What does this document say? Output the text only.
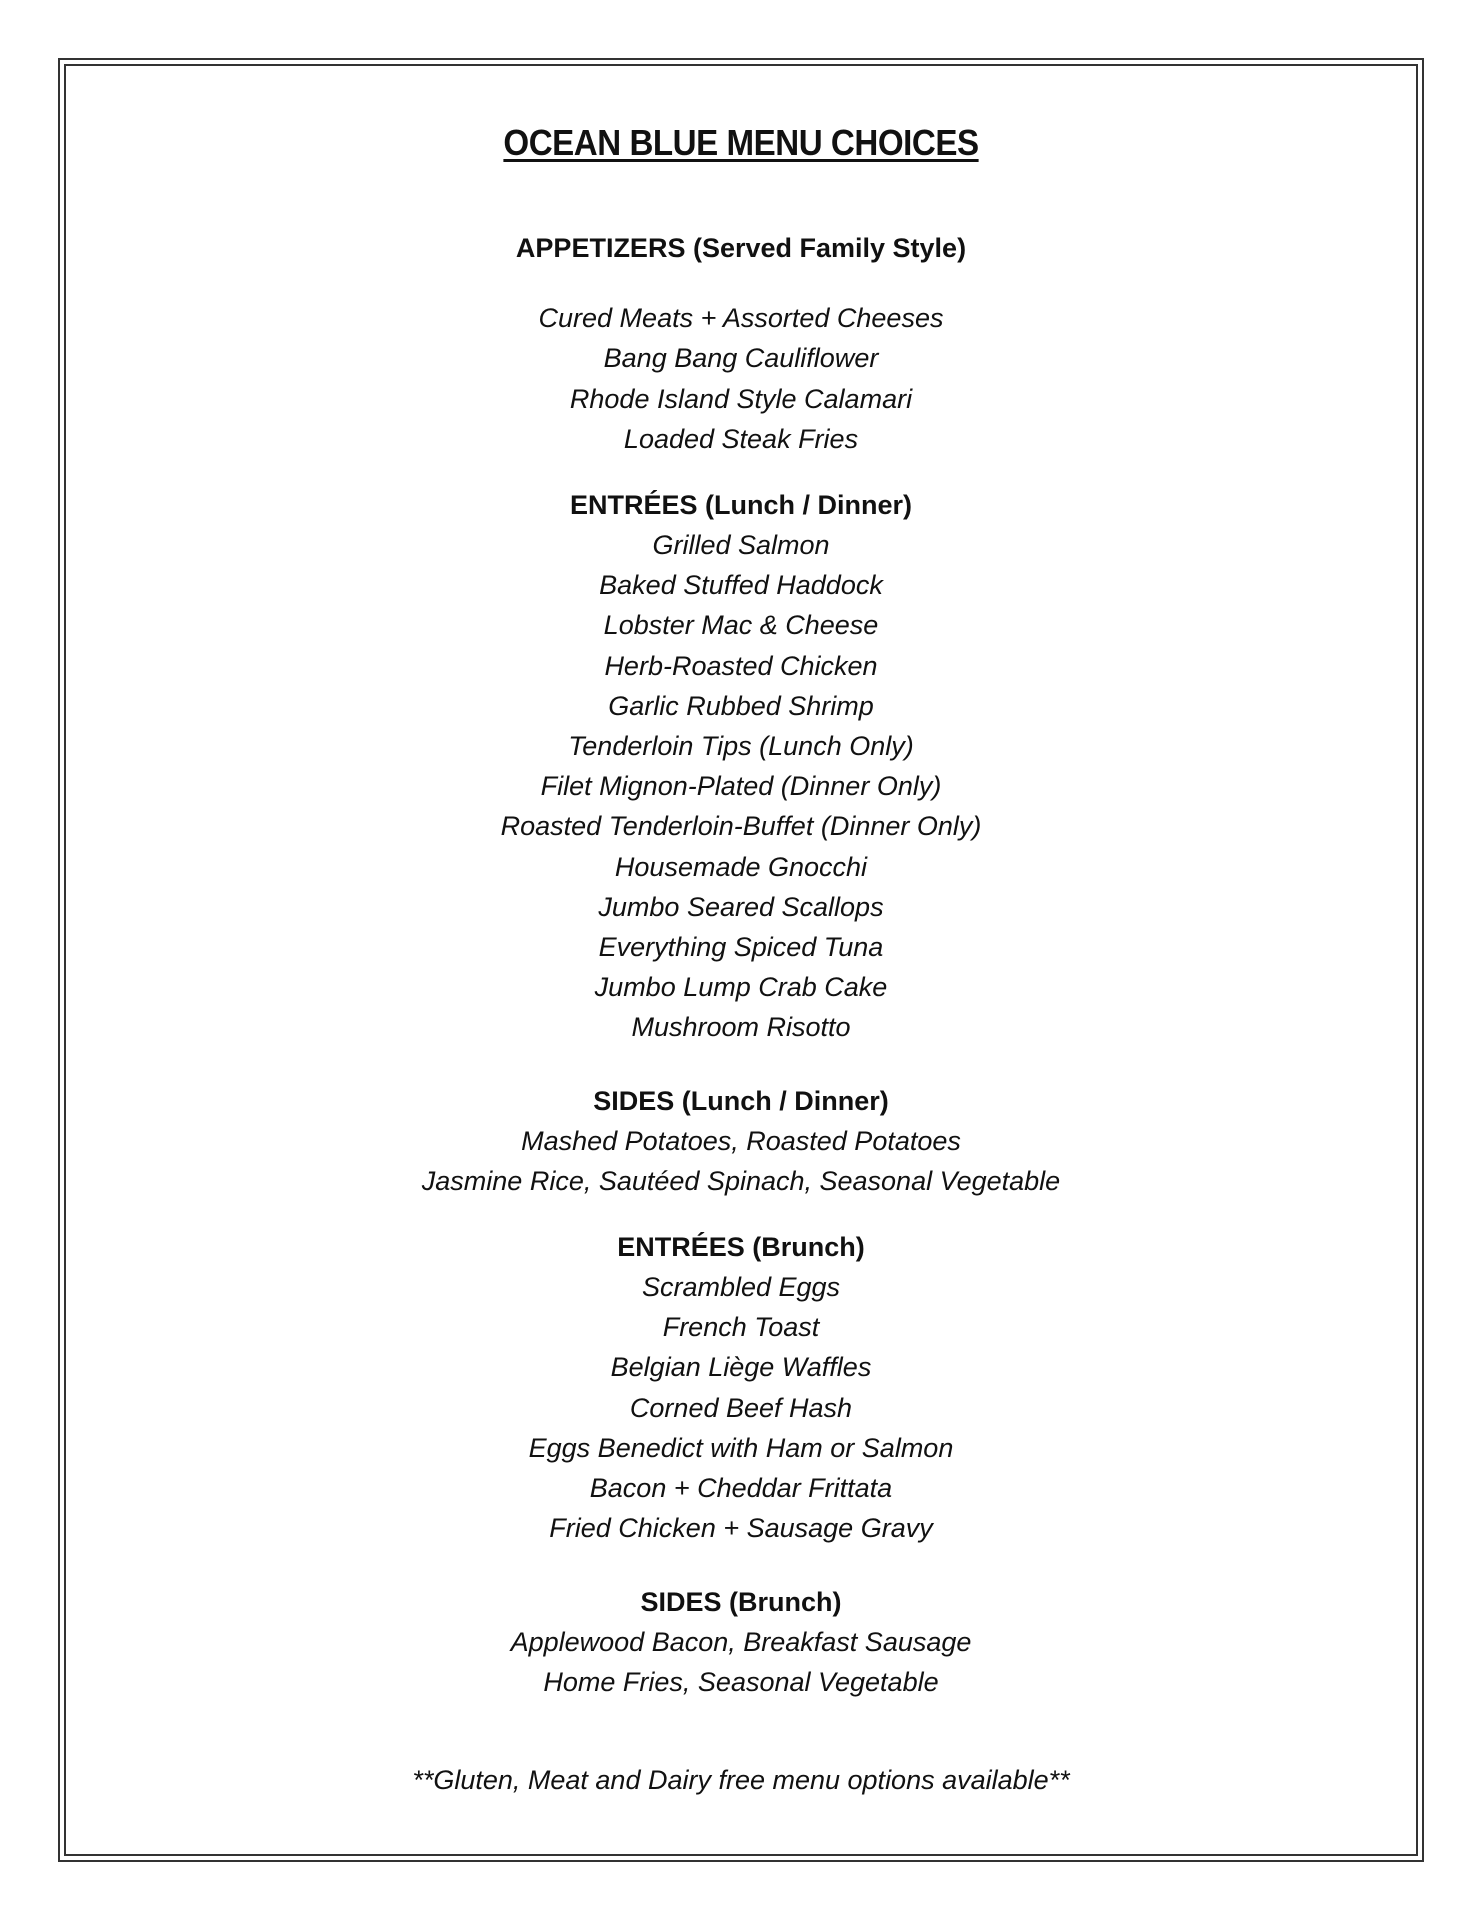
OCEAN BLUE MENU CHOICES
APPETIZERS (Served Family Style)
Cured Meats + Assorted Cheeses
Bang Bang Cauliflower
Rhode Island Style Calamari
Loaded Steak Fries
ENTRÉES (Lunch / Dinner)
Grilled Salmon
Baked Stuffed Haddock
Lobster Mac & Cheese
Herb-Roasted Chicken
Garlic Rubbed Shrimp
Tenderloin Tips (Lunch Only)
Filet Mignon-Plated (Dinner Only)
Roasted Tenderloin-Buffet (Dinner Only)
Housemade Gnocchi
Jumbo Seared Scallops
Everything Spiced Tuna
Jumbo Lump Crab Cake
Mushroom Risotto
SIDES (Lunch / Dinner)
Mashed Potatoes, Roasted Potatoes
Jasmine Rice, Sautéed Spinach, Seasonal Vegetable
ENTRÉES (Brunch)
Scrambled Eggs
French Toast
Belgian Liège Waffles
Corned Beef Hash
Eggs Benedict with Ham or Salmon
Bacon + Cheddar Frittata
Fried Chicken + Sausage Gravy
SIDES (Brunch)
Applewood Bacon, Breakfast Sausage
Home Fries, Seasonal Vegetable
**Gluten, Meat and Dairy free menu options available**
